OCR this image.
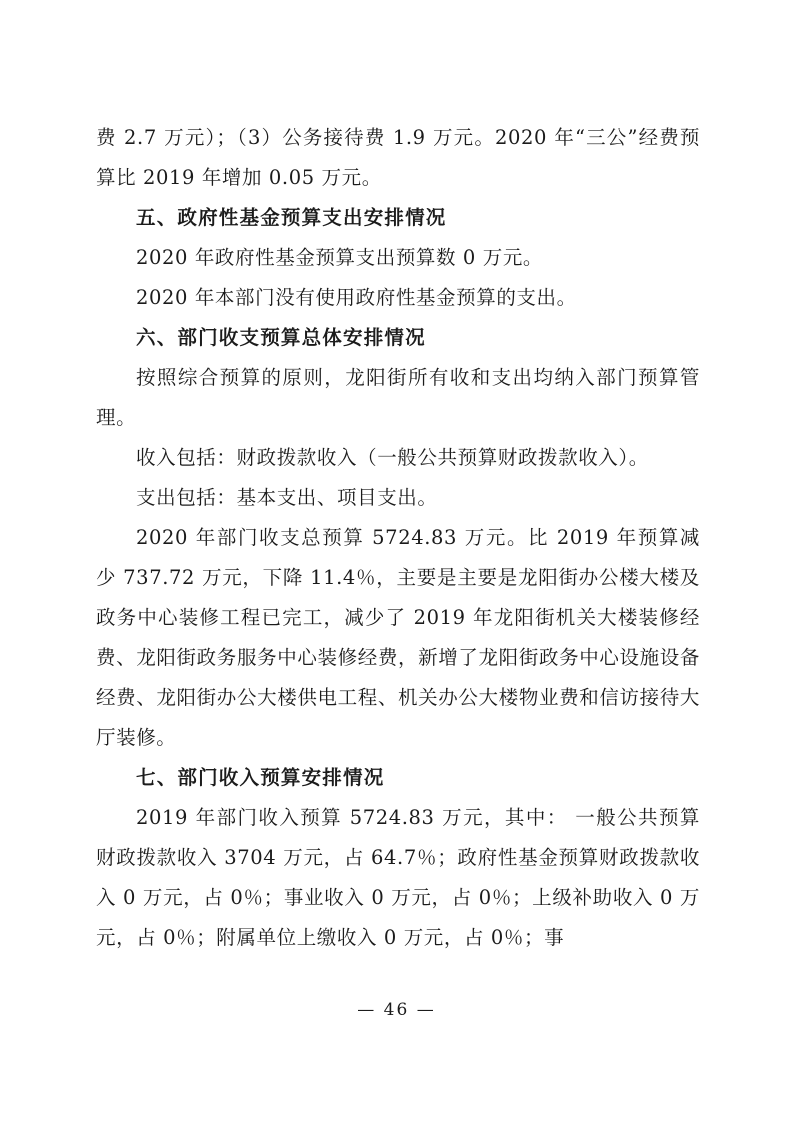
费 2.7 万元）；（3）公务接待费 1.9 万元。2020 年“三公”经费预算比 2019 年增加 0.05 万元。

五、政府性基金预算支出安排情况

2020 年政府性基金预算支出预算数 0 万元。

2020 年本部门没有使用政府性基金预算的支出。

六、部门收支预算总体安排情况

按照综合预算的原则，龙阳街所有收和支出均纳入部门预算管理。

收入包括：财政拨款收入（一般公共预算财政拨款收入）。

支出包括：基本支出、项目支出。

2020 年部门收支总预算 5724.83 万元。比 2019 年预算减少 737.72 万元，下降 11.4％，主要是主要是龙阳街办公楼大楼及政务中心装修工程已完工，减少了 2019 年龙阳街机关大楼装修经费、龙阳街政务服务中心装修经费，新增了龙阳街政务中心设施设备经费、龙阳街办公大楼供电工程、机关办公大楼物业费和信访接待大厅装修。

七、部门收入预算安排情况

2019 年部门收入预算 5724.83 万元，其中： 一般公共预算财政拨款收入 3704 万元，占 64.7％；政府性基金预算财政拨款收入 0 万元，占 0％；事业收入 0 万元，占 0％；上级补助收入 0 万元，占 0％；附属单位上缴收入 0 万元，占 0％；事

— 46 —
